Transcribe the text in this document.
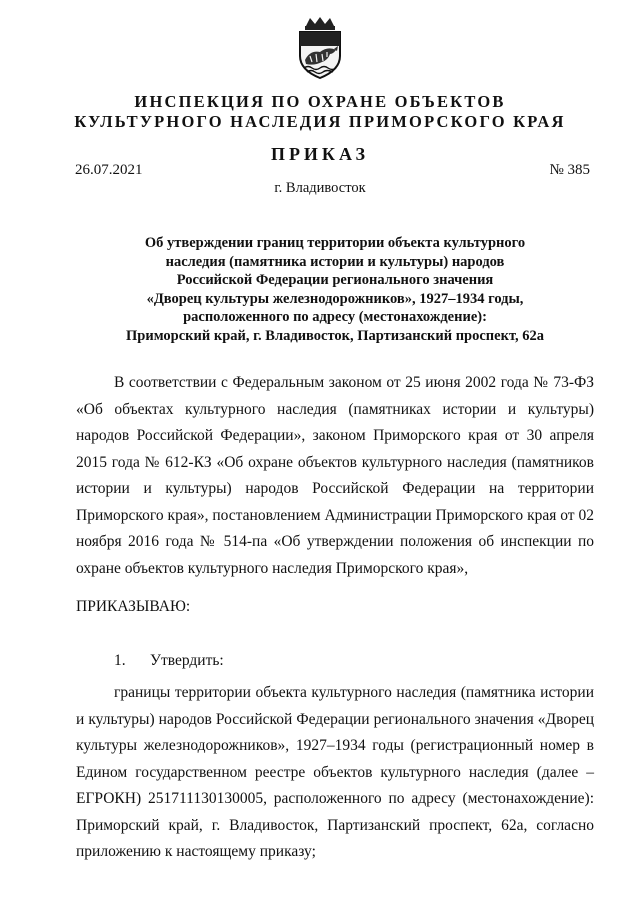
ИНСПЕКЦИЯ ПО ОХРАНЕ ОБЪЕКТОВ
КУЛЬТУРНОГО НАСЛЕДИЯ ПРИМОРСКОГО КРАЯ
ПРИКАЗ
26.07.2021	№ 385
г. Владивосток
Об утверждении границ территории объекта культурного
наследия (памятника истории и культуры) народов
Российской Федерации регионального значения
«Дворец культуры железнодорожников», 1927–1934 годы,
расположенного по адресу (местонахождение):
Приморский край, г. Владивосток, Партизанский проспект, 62а
В соответствии с Федеральным законом от 25 июня 2002 года № 73-ФЗ «Об объектах культурного наследия (памятниках истории и культуры) народов Российской Федерации», законом Приморского края от 30 апреля 2015 года № 612-КЗ «Об охране объектов культурного наследия (памятников истории и культуры) народов Российской Федерации на территории Приморского края», постановлением Администрации Приморского края от 02 ноября 2016 года № 514-па «Об утверждении положения об инспекции по охране объектов культурного наследия Приморского края»,
ПРИКАЗЫВАЮ:
1. Утвердить:
границы территории объекта культурного наследия (памятника истории и культуры) народов Российской Федерации регионального значения «Дворец культуры железнодорожников», 1927–1934 годы (регистрационный номер в Едином государственном реестре объектов культурного наследия (далее – ЕГРОКН) 251711130130005, расположенного по адресу (местонахождение): Приморский край, г. Владивосток, Партизанский проспект, 62а, согласно приложению к настоящему приказу;
